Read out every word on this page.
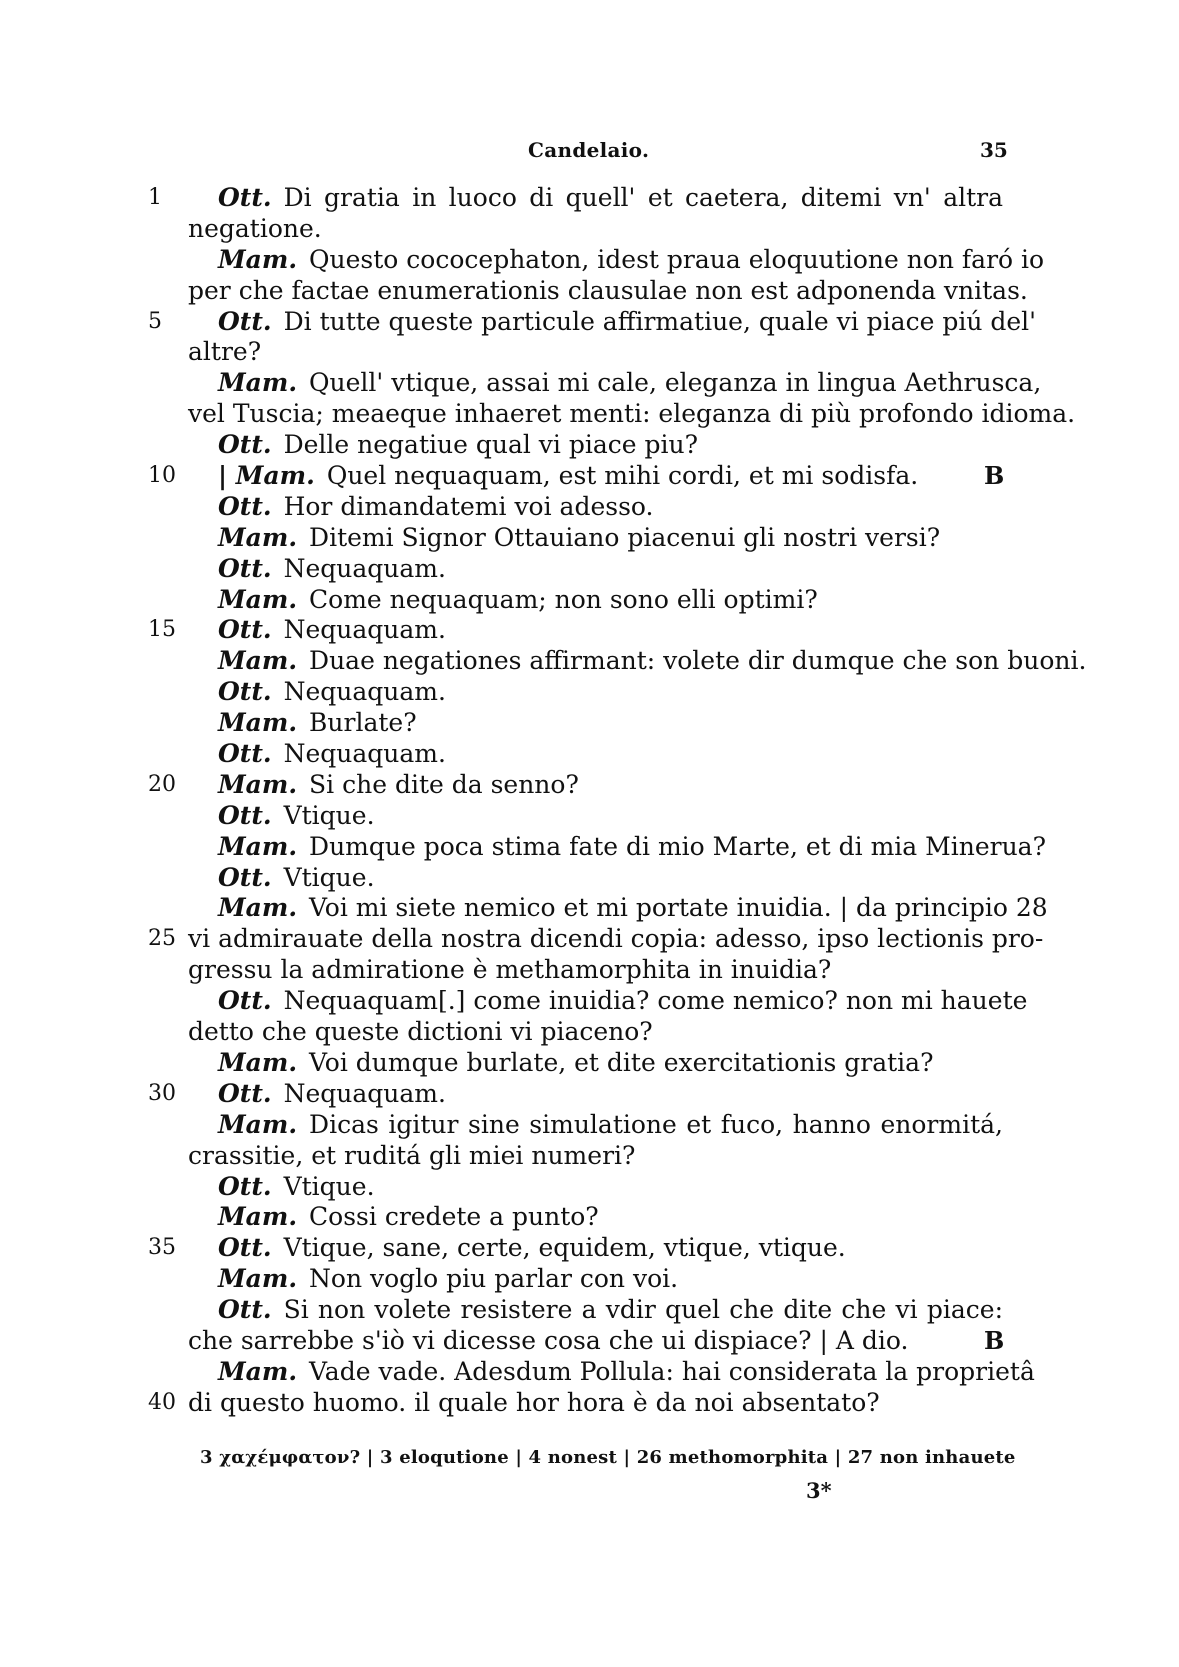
Candelaio.	35
1	Ott. Di gratia in luoco di quell' et caetera, ditemi vn' altra
negatione.
Mam. Questo cococephaton, idest praua eloquutione non faró io
per che factae enumerationis clausulae non est adponenda vnitas.
5	Ott. Di tutte queste particule affirmatiue, quale vi piace piú del'
altre?
Mam. Quell' vtique, assai mi cale, eleganza in lingua Aethrusca,
vel Tuscia; meaeque inhaeret menti: eleganza di più profondo idioma.
Ott. Delle negatiue qual vi piace piu?
10	| Mam. Quel nequaquam, est mihi cordi, et mi sodisfa.	B
Ott. Hor dimandatemi voi adesso.
Mam. Ditemi Signor Ottauiano piacenui gli nostri versi?
Ott. Nequaquam.
Mam. Come nequaquam; non sono elli optimi?
15	Ott. Nequaquam.
Mam. Duae negationes affirmant: volete dir dumque che son buoni.
Ott. Nequaquam.
Mam. Burlate?
Ott. Nequaquam.
20	Mam. Si che dite da senno?
Ott. Vtique.
Mam. Dumque poca stima fate di mio Marte, et di mia Minerua?
Ott. Vtique.
Mam. Voi mi siete nemico et mi portate inuidia. | da principio 28
25 vi admirauate della nostra dicendi copia: adesso, ipso lectionis pro-
gressu la admiratione è methamorphita in inuidia?
Ott. Nequaquam[.] come inuidia? come nemico? non mi hauete
detto che queste dictioni vi piaceno?
Mam. Voi dumque burlate, et dite exercitationis gratia?
30	Ott. Nequaquam.
Mam. Dicas igitur sine simulatione et fuco, hanno enormitá,
crassitie, et ruditá gli miei numeri?
Ott. Vtique.
Mam. Cossi credete a punto?
35	Ott. Vtique, sane, certe, equidem, vtique, vtique.
Mam. Non voglo piu parlar con voi.
Ott. Si non volete resistere a vdir quel che dite che vi piace:
che sarrebbe s'iò vi dicesse cosa che ui dispiace? | A dio.	B
Mam. Vade vade. Adesdum Pollula: hai considerata la proprietâ
40 di questo huomo. il quale hor hora è da noi absentato?
3 χαχέμφατον? | 3 eloqutione | 4 nonest | 26 methomorphita | 27 non inhauete
3*
